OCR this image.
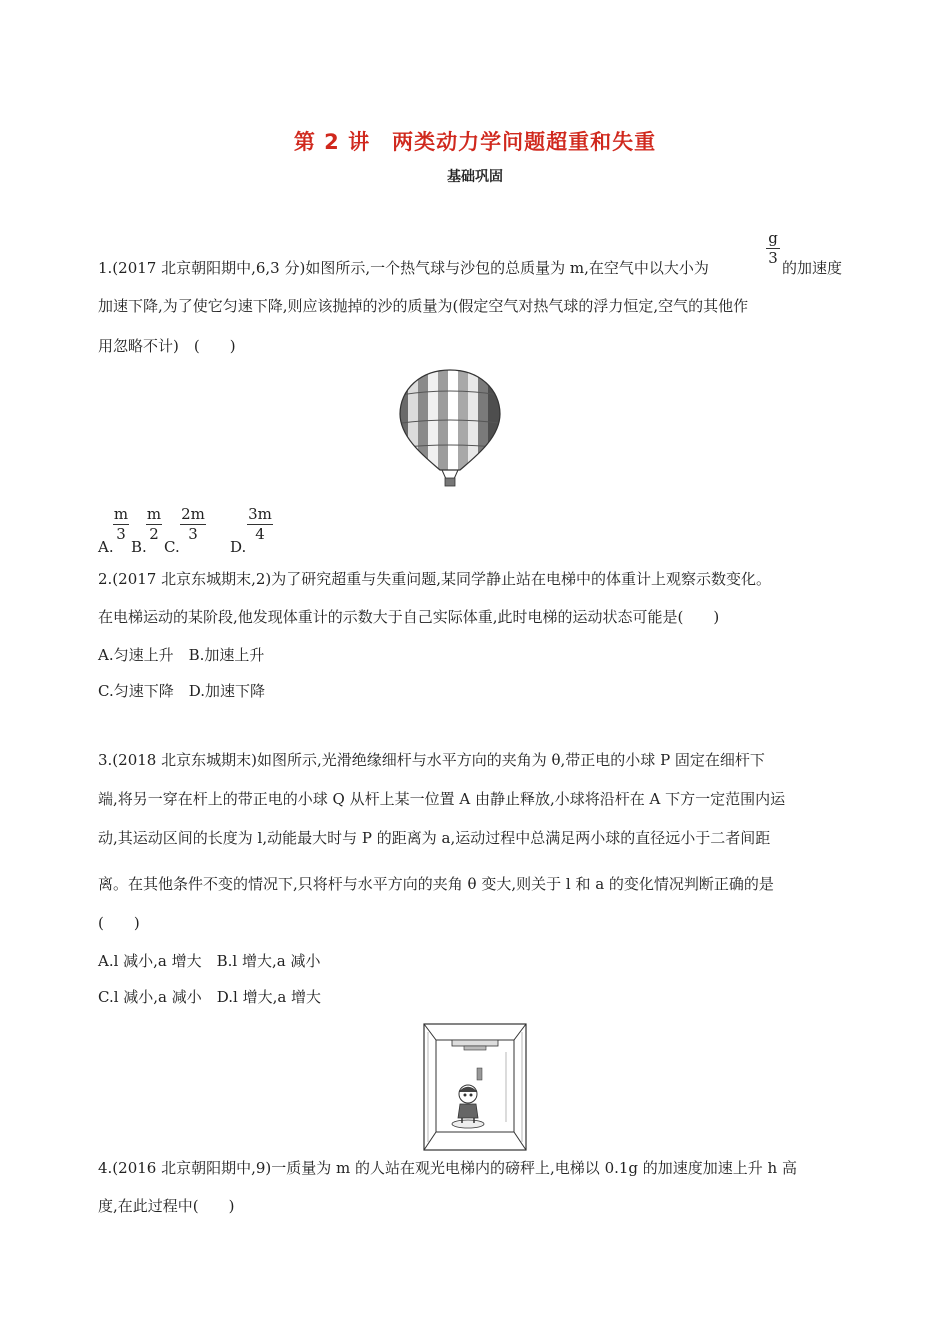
第 2 讲　两类动力学问题超重和失重
基础巩固
g
3
1.(2017 北京朝阳期中,6,3 分)如图所示,一个热气球与沙包的总质量为 m,在空气中以大小为	的加速度
加速下降,为了使它匀速下降,则应该抛掉的沙的质量为(假定空气对热气球的浮力恒定,空气的其他作
用忽略不计)　(　　)
A.
m
3
B.
m
2
C.
2m
3
D.
3m
4
2.(2017 北京东城期末,2)为了研究超重与失重问题,某同学静止站在电梯中的体重计上观察示数变化。
在电梯运动的某阶段,他发现体重计的示数大于自己实际体重,此时电梯的运动状态可能是(　　)
A.匀速上升　B.加速上升
C.匀速下降　D.加速下降
3.(2018 北京东城期末)如图所示,光滑绝缘细杆与水平方向的夹角为 θ,带正电的小球 P 固定在细杆下
端,将另一穿在杆上的带正电的小球 Q 从杆上某一位置 A 由静止释放,小球将沿杆在 A 下方一定范围内运
动,其运动区间的长度为 l,动能最大时与 P 的距离为 a,运动过程中总满足两小球的直径远小于二者间距
离。在其他条件不变的情况下,只将杆与水平方向的夹角 θ 变大,则关于 l 和 a 的变化情况判断正确的是
(　　)
A.l 减小,a 增大　B.l 增大,a 减小
C.l 减小,a 减小　D.l 增大,a 增大
4.(2016 北京朝阳期中,9)一质量为 m 的人站在观光电梯内的磅秤上,电梯以 0.1g 的加速度加速上升 h 高
度,在此过程中(　　)
